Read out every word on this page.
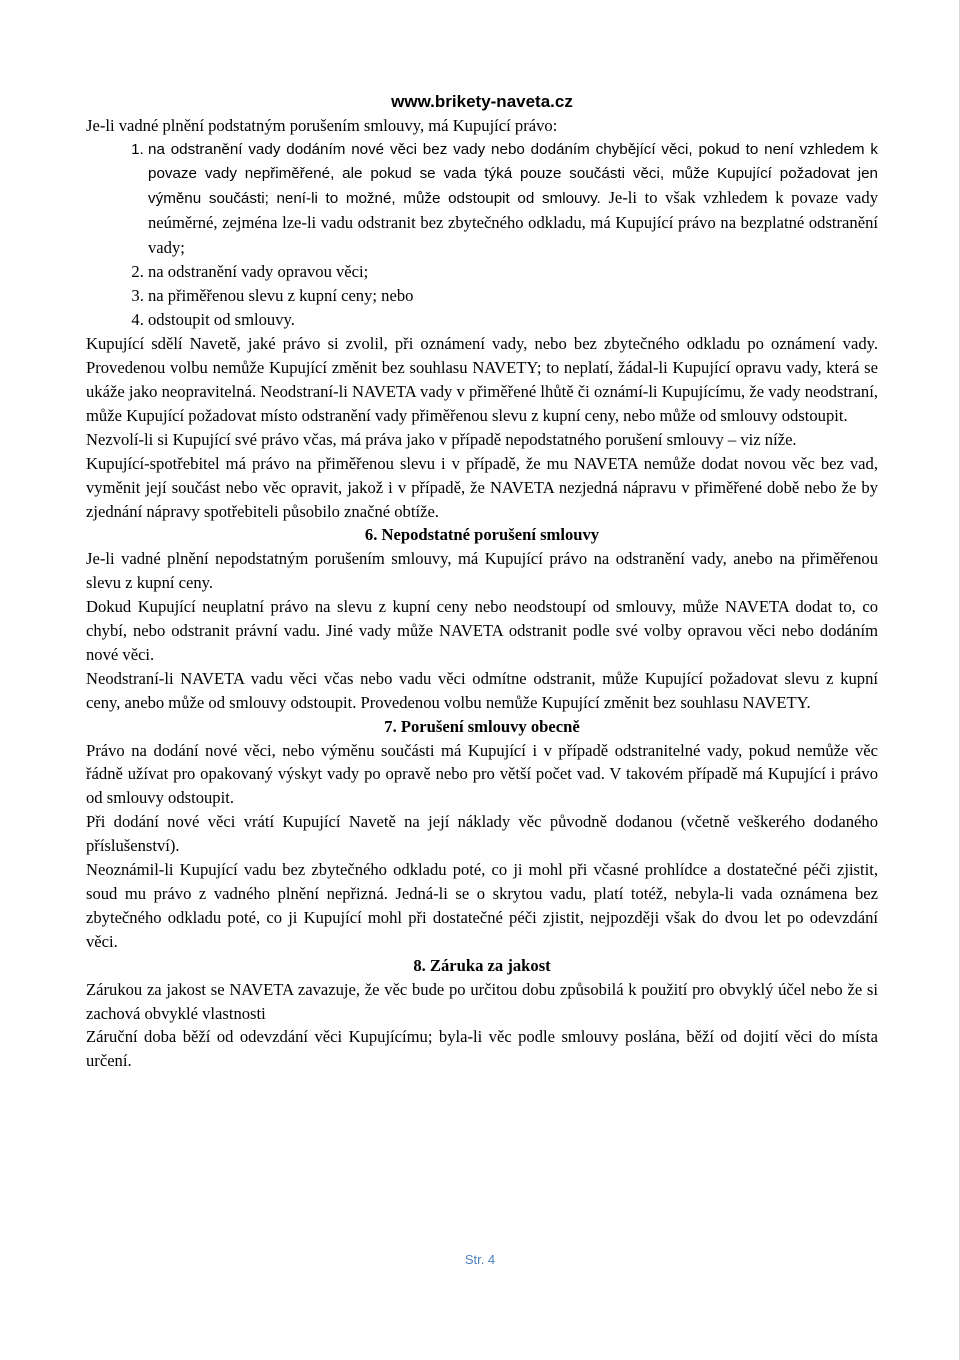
www.brikety-naveta.cz

Je-li vadné plnění podstatným porušením smlouvy, má Kupující právo:

1. na odstranění vady dodáním nové věci bez vady nebo dodáním chybějící věci, pokud to není vzhledem k povaze vady nepřiměřené, ale pokud se vada týká pouze součásti věci, může Kupující požadovat jen výměnu součásti; není-li to možné, může odstoupit od smlouvy. Je-li to však vzhledem k povaze vady neúměrné, zejména lze-li vadu odstranit bez zbytečného odkladu, má Kupující právo na bezplatné odstranění vady;
2. na odstranění vady opravou věci;
3. na přiměřenou slevu z kupní ceny; nebo
4. odstoupit od smlouvy.

Kupující sdělí Navetě, jaké právo si zvolil, při oznámení vady, nebo bez zbytečného odkladu po oznámení vady. Provedenou volbu nemůže Kupující změnit bez souhlasu NAVETY; to neplatí, žádal-li Kupující opravu vady, která se ukáže jako neopravitelná. Neodstraní-li NAVETA vady v přiměřené lhůtě či oznámí-li Kupujícímu, že vady neodstraní, může Kupující požadovat místo odstranění vady přiměřenou slevu z kupní ceny, nebo může od smlouvy odstoupit.

Nezvolí-li si Kupující své právo včas, má práva jako v případě nepodstatného porušení smlouvy – viz níže.

Kupující-spotřebitel má právo na přiměřenou slevu i v případě, že mu NAVETA nemůže dodat novou věc bez vad, vyměnit její součást nebo věc opravit, jakož i v případě, že NAVETA nezjedná nápravu v přiměřené době nebo že by zjednání nápravy spotřebiteli působilo značné obtíže.

6. Nepodstatné porušení smlouvy

Je-li vadné plnění nepodstatným porušením smlouvy, má Kupující právo na odstranění vady, anebo na přiměřenou slevu z kupní ceny.

Dokud Kupující neuplatní právo na slevu z kupní ceny nebo neodstoupí od smlouvy, může NAVETA dodat to, co chybí, nebo odstranit právní vadu. Jiné vady může NAVETA odstranit podle své volby opravou věci nebo dodáním nové věci.

Neodstraní-li NAVETA vadu věci včas nebo vadu věci odmítne odstranit, může Kupující požadovat slevu z kupní ceny, anebo může od smlouvy odstoupit. Provedenou volbu nemůže Kupující změnit bez souhlasu NAVETY.

7. Porušení smlouvy obecně

Právo na dodání nové věci, nebo výměnu součásti má Kupující i v případě odstranitelné vady, pokud nemůže věc řádně užívat pro opakovaný výskyt vady po opravě nebo pro větší počet vad. V takovém případě má Kupující i právo od smlouvy odstoupit.

Při dodání nové věci vrátí Kupující Navetě na její náklady věc původně dodanou (včetně veškerého dodaného příslušenství).

Neoznámil-li Kupující vadu bez zbytečného odkladu poté, co ji mohl při včasné prohlídce a dostatečné péči zjistit, soud mu právo z vadného plnění nepřizná. Jedná-li se o skrytou vadu, platí totéž, nebyla-li vada oznámena bez zbytečného odkladu poté, co ji Kupující mohl při dostatečné péči zjistit, nejpozději však do dvou let po odevzdání věci.

8. Záruka za jakost

Zárukou za jakost se NAVETA zavazuje, že věc bude po určitou dobu způsobilá k použití pro obvyklý účel nebo že si zachová obvyklé vlastnosti

Záruční doba běží od odevzdání věci Kupujícímu; byla-li věc podle smlouvy poslána, běží od dojití věci do místa určení.

Str. 4
